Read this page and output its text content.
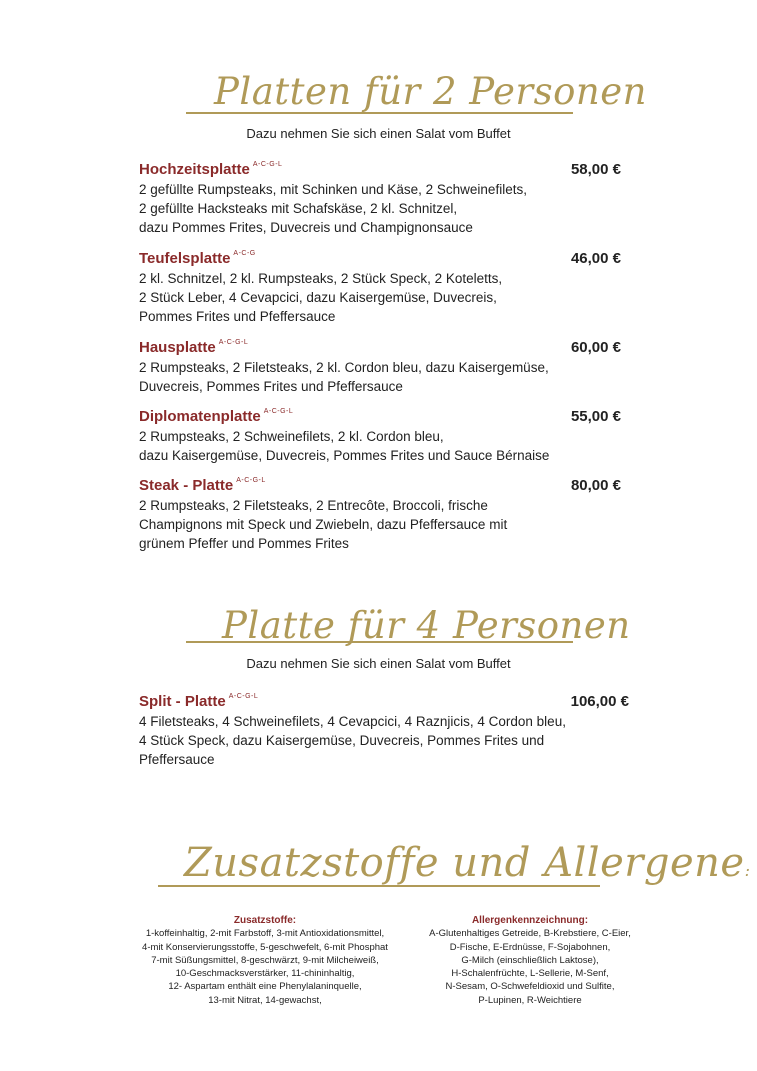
Platten für 2 Personen
Dazu nehmen Sie sich einen Salat vom Buffet
Hochzeitsplatte $^{A-C-G-L}$	58,00 €
2 gefüllte Rumpsteaks, mit Schinken und Käse, 2 Schweinefilets,
2 gefüllte Hacksteaks mit Schafskäse, 2 kl. Schnitzel,
dazu Pommes Frites, Duvecreis und Champignonsauce
Teufelsplatte $^{A-C-G}$	46,00 €
2 kl. Schnitzel, 2 kl. Rumpsteaks, 2 Stück Speck, 2 Koteletts,
2 Stück Leber, 4 Cevapcici, dazu Kaisergemüse, Duvecreis,
Pommes Frites und Pfeffersauce
Hausplatte $^{A-C-G-L}$	60,00 €
2 Rumpsteaks, 2 Filetsteaks, 2 kl. Cordon bleu, dazu Kaisergemüse,
Duvecreis, Pommes Frites und Pfeffersauce
Diplomatenplatte $^{A-C-G-L}$	55,00 €
2 Rumpsteaks, 2 Schweinefilets, 2 kl. Cordon bleu,
dazu Kaisergemüse, Duvecreis, Pommes Frites und Sauce Bérnaise
Steak - Platte $^{A-C-G-L}$	80,00 €
2 Rumpsteaks, 2 Filetsteaks, 2 Entrecôte, Broccoli, frische
Champignons mit Speck und Zwiebeln, dazu Pfeffersauce mit
grünem Pfeffer und Pommes Frites
Platte für 4 Personen
Dazu nehmen Sie sich einen Salat vom Buffet
Split - Platte $^{A-C-G-L}$	106,00 €
4 Filetsteaks, 4 Schweinefilets, 4 Cevapcici, 4 Raznjicis, 4 Cordon bleu,
4 Stück Speck, dazu Kaisergemüse, Duvecreis, Pommes Frites und
Pfeffersauce
Zusatzstoffe und Allergene:
Zusatzstoffe:
1-koffeinhaltig, 2-mit Farbstoff, 3-mit Antioxidationsmittel,
4-mit Konservierungsstoffe, 5-geschwefelt, 6-mit Phosphat
7-mit Süßungsmittel, 8-geschwärzt, 9-mit Milcheiweiß,
10-Geschmacksverstärker, 11-chininhaltig,
12- Aspartam enthält eine Phenylalaninquelle,
13-mit Nitrat, 14-gewachst,
Allergenkennzeichnung:
A-Glutenhaltiges Getreide, B-Krebstiere, C-Eier,
D-Fische, E-Erdnüsse, F-Sojabohnen,
G-Milch (einschließlich Laktose),
H-Schalenfrüchte, L-Sellerie, M-Senf,
N-Sesam, O-Schwefeldioxid und Sulfite,
P-Lupinen, R-Weichtiere
